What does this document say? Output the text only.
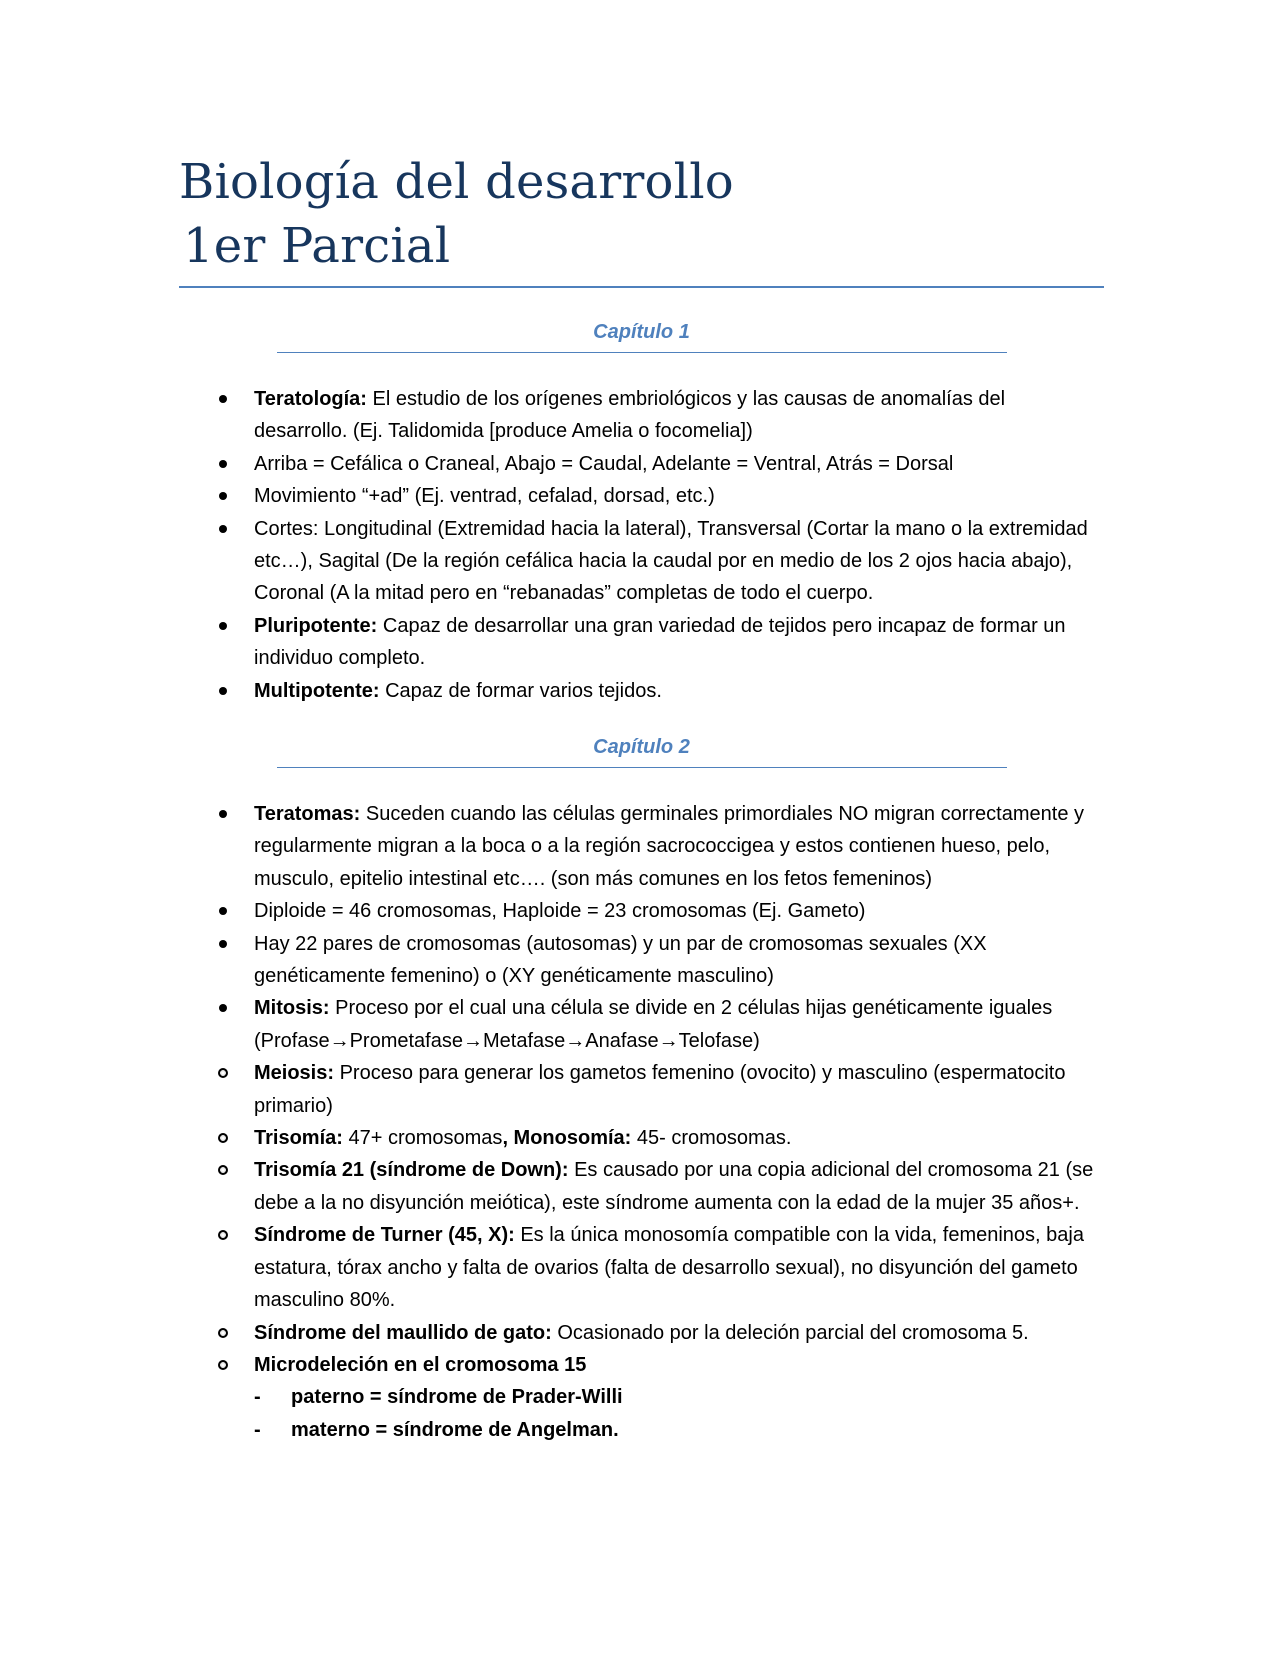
Biología del desarrollo
1er Parcial
Capítulo 1
Teratología: El estudio de los orígenes embriológicos y las causas de anomalías del desarrollo. (Ej. Talidomida [produce Amelia o focomelia])
Arriba = Cefálica o Craneal, Abajo = Caudal, Adelante = Ventral, Atrás = Dorsal
Movimiento “+ad” (Ej. ventrad, cefalad, dorsad, etc.)
Cortes: Longitudinal (Extremidad hacia la lateral), Transversal (Cortar la mano o la extremidad etc…), Sagital (De la región cefálica hacia la caudal por en medio de los 2 ojos hacia abajo), Coronal (A la mitad pero en “rebanadas” completas de todo el cuerpo.
Pluripotente: Capaz de desarrollar una gran variedad de tejidos pero incapaz de formar un individuo completo.
Multipotente: Capaz de formar varios tejidos.
Capítulo 2
Teratomas: Suceden cuando las células germinales primordiales NO migran correctamente y regularmente migran a la boca o a la región sacrococcigea y estos contienen hueso, pelo, musculo, epitelio intestinal etc…. (son más comunes en los fetos femeninos)
Diploide = 46 cromosomas, Haploide = 23 cromosomas (Ej. Gameto)
Hay 22 pares de cromosomas (autosomas) y un par de cromosomas sexuales (XX genéticamente femenino) o (XY genéticamente masculino)
Mitosis: Proceso por el cual una célula se divide en 2 células hijas genéticamente iguales (Profase→Prometafase→Metafase→Anafase→Telofase)
Meiosis: Proceso para generar los gametos femenino (ovocito) y masculino (espermatocito primario)
Trisomía: 47+ cromosomas, Monosomía: 45- cromosomas.
Trisomía 21 (síndrome de Down): Es causado por una copia adicional del cromosoma 21 (se debe a la no disyunción meiótica), este síndrome aumenta con la edad de la mujer 35 años+.
Síndrome de Turner (45, X): Es la única monosomía compatible con la vida, femeninos, baja estatura, tórax ancho y falta de ovarios (falta de desarrollo sexual), no disyunción del gameto masculino 80%.
Síndrome del maullido de gato: Ocasionado por la deleción parcial del cromosoma 5.
Microdeleción en el cromosoma 15
- paterno = síndrome de Prader-Willi
- materno = síndrome de Angelman.
